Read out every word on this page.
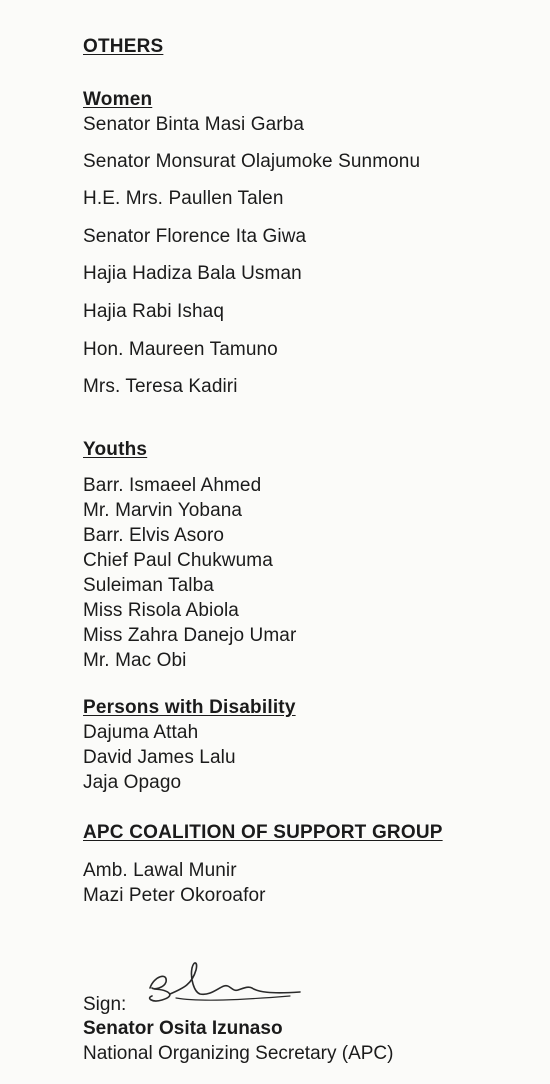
OTHERS
Women

Senator Binta Masi Garba

Senator Monsurat Olajumoke Sunmonu

H.E. Mrs. Paullen Talen

Senator Florence Ita Giwa

Hajia Hadiza Bala Usman

Hajia Rabi Ishaq

Hon. Maureen Tamuno

Mrs. Teresa Kadiri

Youths

Barr. Ismaeel Ahmed

Mr. Marvin Yobana

Barr. Elvis Asoro

Chief Paul Chukwuma

Suleiman Talba

Miss Risola Abiola

Miss Zahra Danejo Umar

Mr. Mac Obi

Persons with Disability

Dajuma Attah

David James Lalu

Jaja Opago

APC COALITION OF SUPPORT GROUP

Amb. Lawal Munir

Mazi Peter Okoroafor

Sign:
Senator Osita Izunaso
National Organizing Secretary (APC)
